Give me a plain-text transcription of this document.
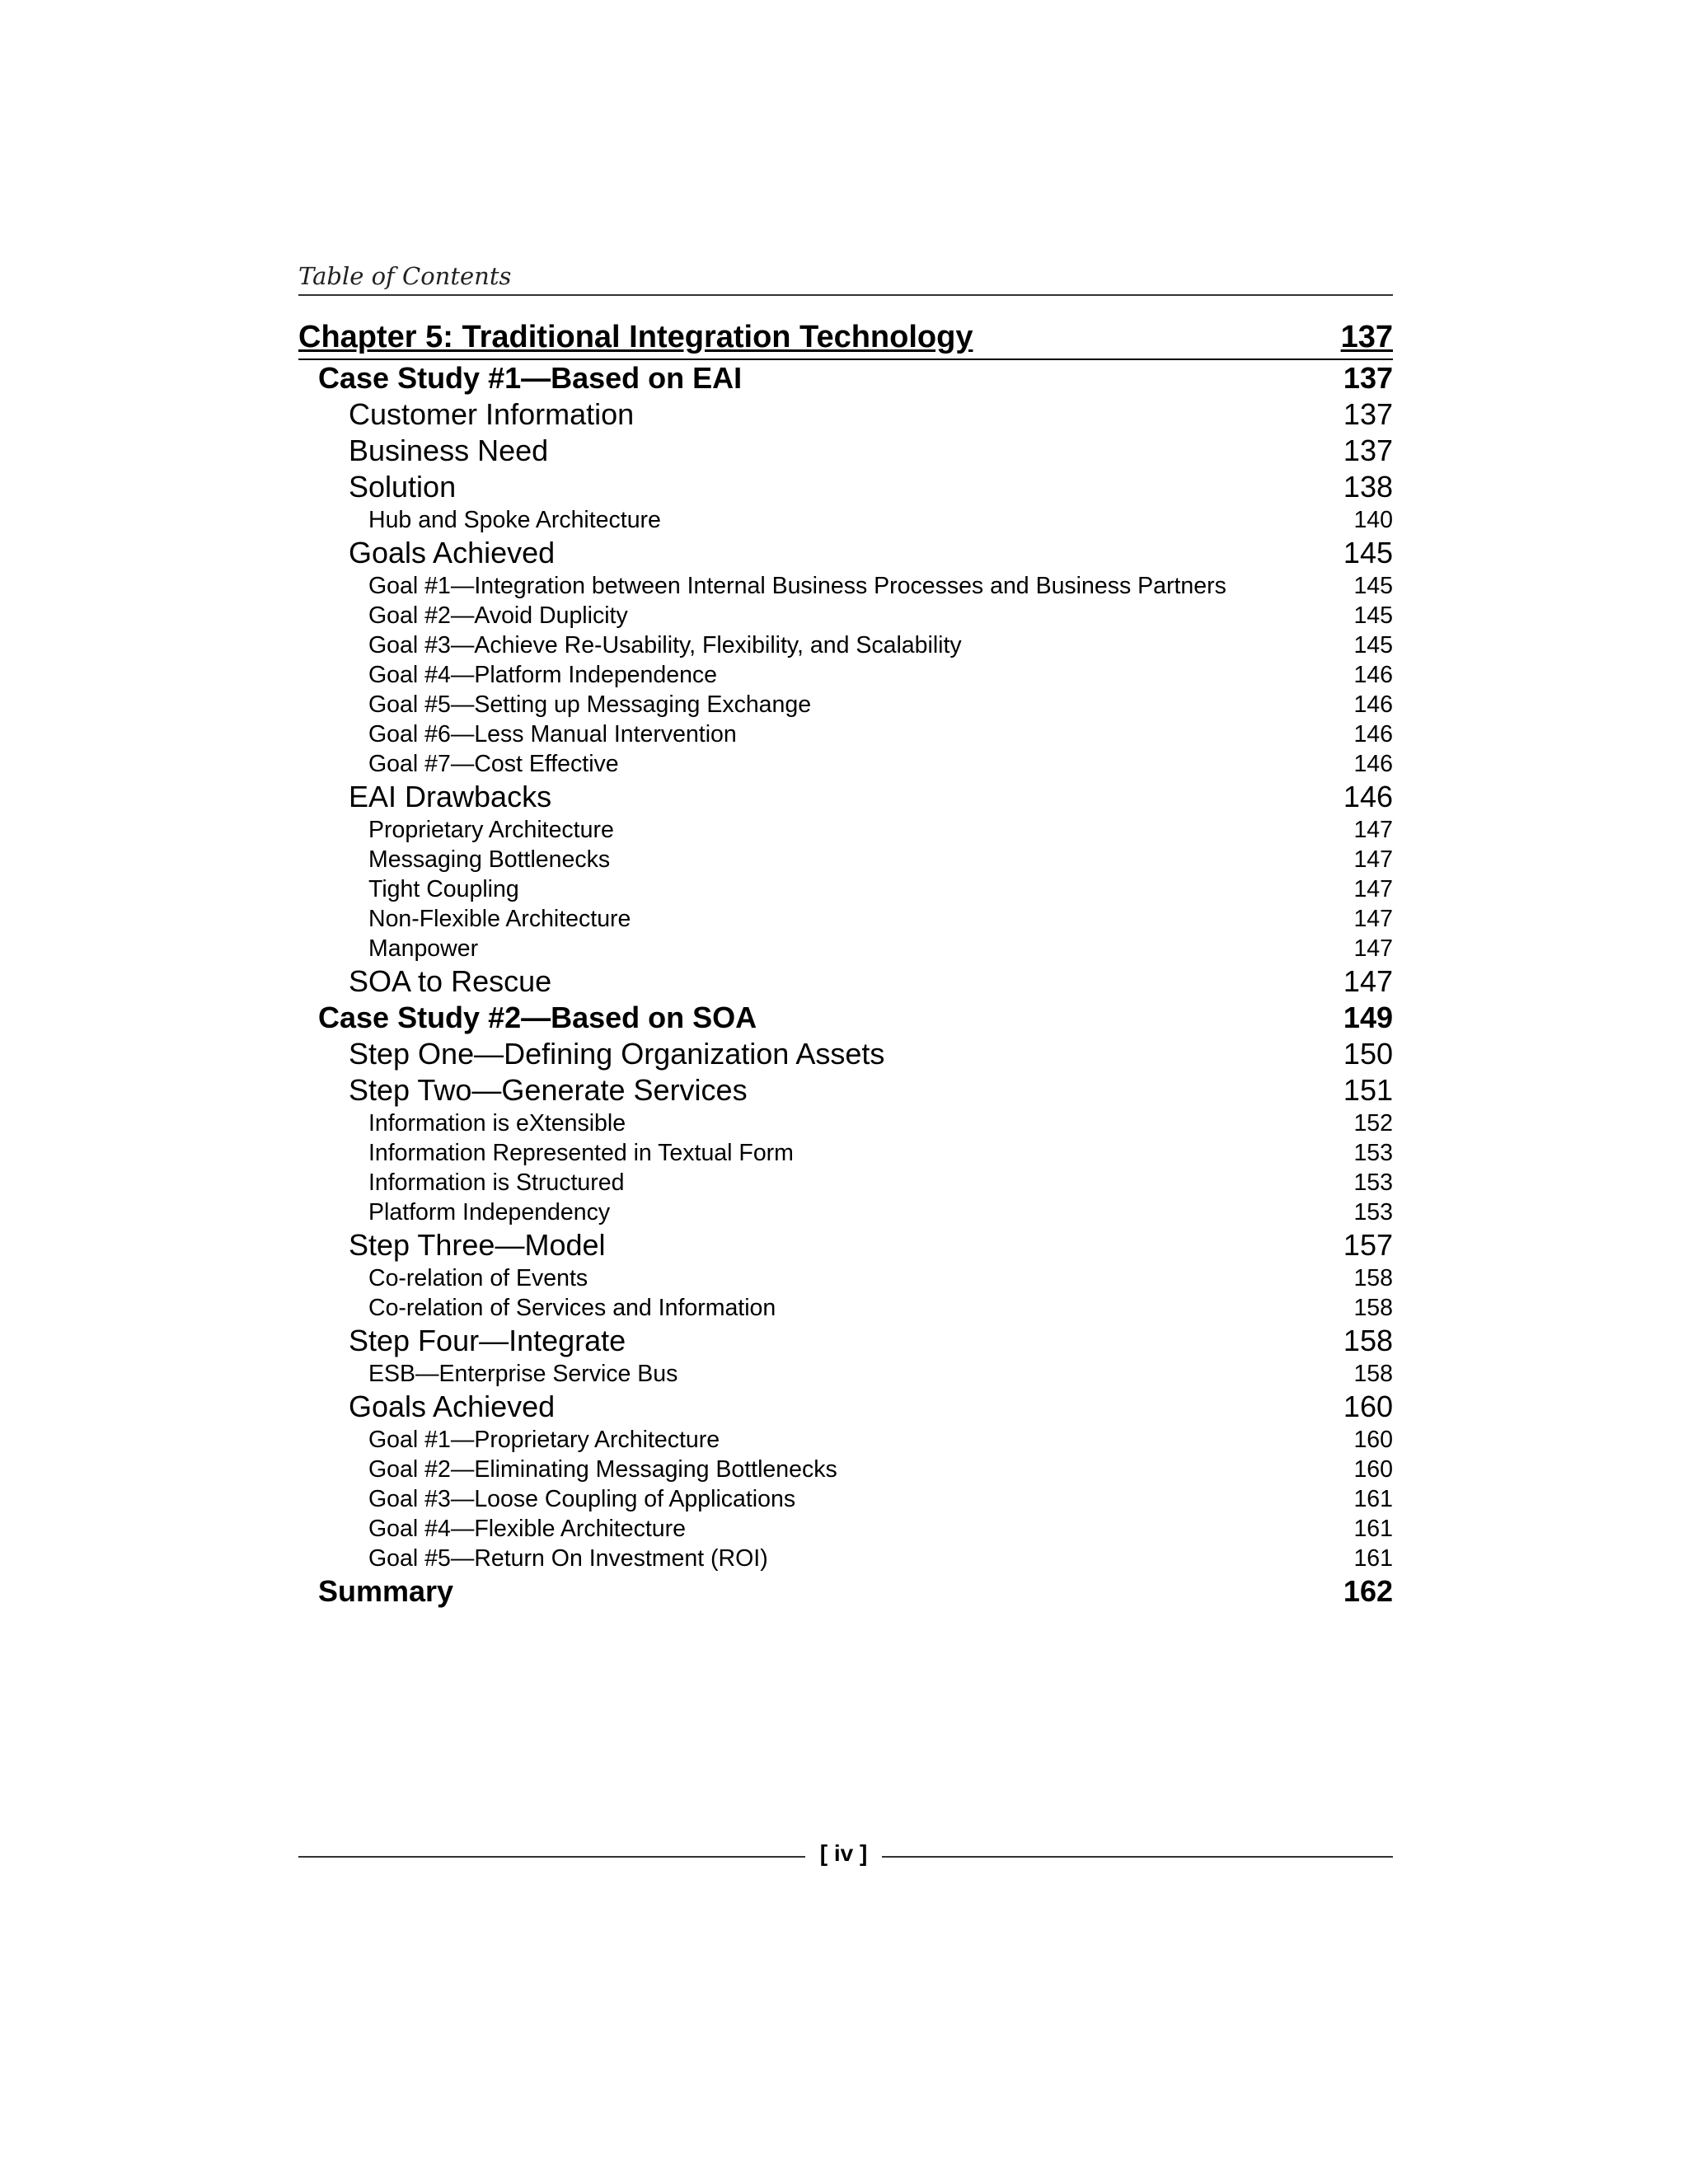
Table of Contents
Chapter 5: Traditional Integration Technology	137
Case Study #1—Based on EAI	137
Customer Information	137
Business Need	137
Solution	138
Hub and Spoke Architecture	140
Goals Achieved	145
Goal #1—Integration between Internal Business Processes and Business Partners	145
Goal #2—Avoid Duplicity	145
Goal #3—Achieve Re-Usability, Flexibility, and Scalability	145
Goal #4—Platform Independence	146
Goal #5—Setting up Messaging Exchange	146
Goal #6—Less Manual Intervention	146
Goal #7—Cost Effective	146
EAI Drawbacks	146
Proprietary Architecture	147
Messaging Bottlenecks	147
Tight Coupling	147
Non-Flexible Architecture	147
Manpower	147
SOA to Rescue	147
Case Study #2—Based on SOA	149
Step One—Defining Organization Assets	150
Step Two—Generate Services	151
Information is eXtensible	152
Information Represented in Textual Form	153
Information is Structured	153
Platform Independency	153
Step Three—Model	157
Co-relation of Events	158
Co-relation of Services and Information	158
Step Four—Integrate	158
ESB—Enterprise Service Bus	158
Goals Achieved	160
Goal #1—Proprietary Architecture	160
Goal #2—Eliminating Messaging Bottlenecks	160
Goal #3—Loose Coupling of Applications	161
Goal #4—Flexible Architecture	161
Goal #5—Return On Investment (ROI)	161
Summary	162
[ iv ]
